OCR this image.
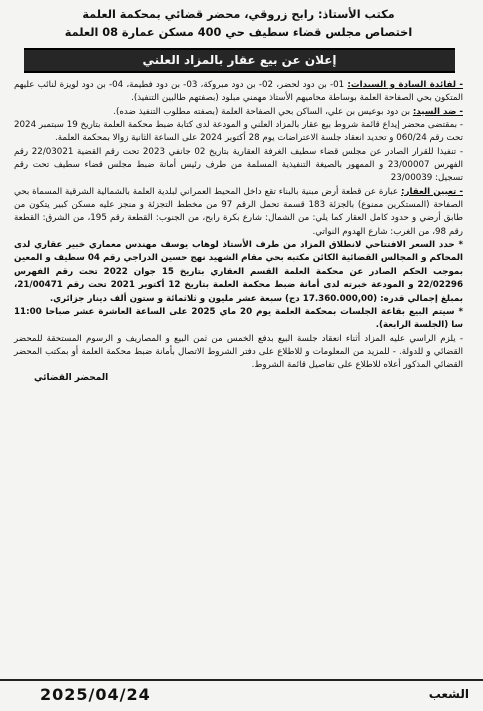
مكتب الأستاذ: رابح زروقي، محضر قضائي بمحكمة العلمة
اختصاص مجلس قضاء سطيف حي 400 مسكن عمارة 08 العلمة
إعلان عن بيع عقار بالمزاد العلني

- لفائدة السادة و السيدات: 01- بن دود لحضر، 02- بن دود مبروكة، 03- بن دود فطيمة، 04- بن دود لويزة لنائب عليهم المتكون بحي الصفاحة العلمة بوساطة محاميهم الأستاذ مهمني مبلود (بصفتهم طالبين التنفيذ).

- ضد السيد: بن دود بوعيس بن علي، الساكن بحي الصفاحة العلمة (بصفته مطلوب التنفيذ ضده).

- بمقتضى محضر إيداع قائمة شروط بيع عقار بالمزاد العلني و المودعة لدى كتابة ضبط محكمة العلمة بتاريخ 19 سبتمبر 2024 تحت رقم 060/24 و تحديد انعقاد جلسة الاعتراضات يوم 28 أكتوبر 2024 على الساعة الثانية زوالا بمحكمة العلمة.

- تنفيذا للقرار الصادر عن مجلس قضاء سطيف الغرفة العقارية بتاريخ 02 جانفي 2023 تحت رقم القضية 22/03021 رقم الفهرس 23/00007 و الممهور بالصيغة التنفيذية المسلمة من طرف رئيس أمانة ضبط مجلس قضاء سطيف تحت رقم تسجيل: 23/00039

- تعيين العقار: عبارة عن قطعة أرض مبنية بالبناء تقع داخل المحيط العمراني لبلدية العلمة بالشمالية الشرقية المسماة بحي الصفاحة (المستكرين ممنوع) بالجزئة 183 قسمة تحمل الرقم 97 من مخطط التجزئة و منجز عليه مسكن كبير يتكون من طابق أرضي و حدود كامل العقار كما يلي: من الشمال: شارع بكرة رابح، من الجنوب: القطعة رقم 195، من الشرق: القطعة رقم 98، من الغرب: شارع الهدوم النواتي.

* حدد السعر الافتتاحي لانطلاق المزاد من طرف الأستاذ لوهاب يوسف مهندس معماري خبير عقاري لدى المحاكم و المجالس القضائية الكائن مكتبه بحي مقام الشهيد نهج حسين الدراجي رقم 04 سطيف و المعين بموجب الحكم الصادر عن محكمة العلمة القسم العقاري بتاريخ 15 جوان 2022 تحت رقم الفهرس 22/02296 و المودعة خبرته لدى أمانة ضبط محكمة العلمة بتاريخ 12 أكتوبر 2021 تحت رقم 21/00471، بمبلغ إجمالي قدره: (17.360.000,00 دج) سبعة عشر مليون و ثلاثمائة و ستون ألف دينار جزائري.

* سيتم البيع بقاعة الجلسات بمحكمة العلمة يوم 20 ماي 2025 على الساعة العاشرة عشر صباحا 11:00 سا (الجلسة الرابعة).

- يلزم الراسي عليه المزاد أثناء انعقاد جلسة البيع بدفع الخمس من ثمن البيع و المصاريف و الرسوم المستحقة للمحضر القضائي و للدولة. - للمزيد من المعلومات و للاطلاع على دفتر الشروط الاتصال بأمانة ضبط محكمة العلمة أو بمكتب المحضر القضائي المذكور أعلاه للاطلاع على تفاصيل قائمة الشروط.

المحضر القضائي
2025/04/24	الشعب
